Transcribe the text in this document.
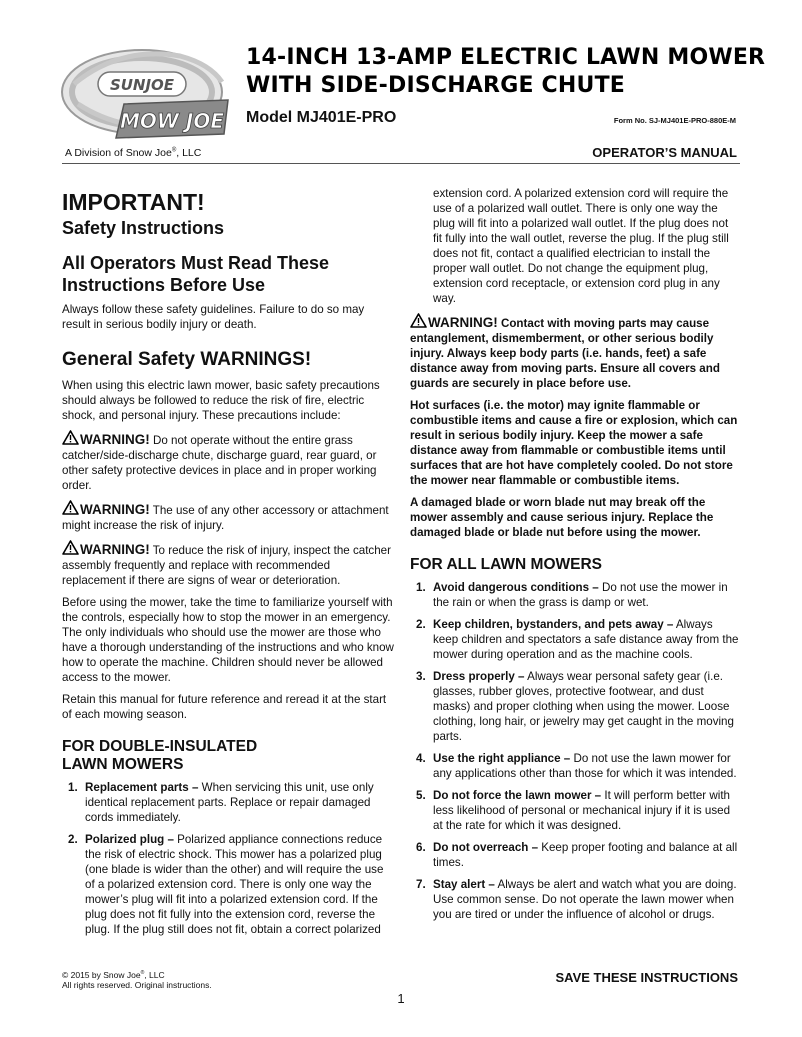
SUNJOE
MOW JOE
14-INCH 13-AMP ELECTRIC LAWN MOWER
WITH SIDE-DISCHARGE CHUTE
Model MJ401E-PRO	Form No. SJ-MJ401E-PRO-880E-M
A Division of Snow Joe®, LLC	OPERATOR’S MANUAL
IMPORTANT!
Safety Instructions
All Operators Must Read These Instructions Before Use

Always follow these safety guidelines. Failure to do so may result in serious bodily injury or death.

General Safety WARNINGS!

When using this electric lawn mower, basic safety precautions should always be followed to reduce the risk of fire, electric shock, and personal injury. These precautions include:

WARNING! Do not operate without the entire grass catcher/side-discharge chute, discharge guard, rear guard, or other safety protective devices in place and in proper working order.

WARNING! The use of any other accessory or attachment might increase the risk of injury.

WARNING! To reduce the risk of injury, inspect the catcher assembly frequently and replace with recommended replacement if there are signs of wear or deterioration.

Before using the mower, take the time to familiarize yourself with the controls, especially how to stop the mower in an emergency. The only individuals who should use the mower are those who have a thorough understanding of the instructions and who know how to operate the machine. Children should never be allowed access to the mower.

Retain this manual for future reference and reread it at the start of each mowing season.

FOR DOUBLE-INSULATED
LAWN MOWERS
1. Replacement parts – When servicing this unit, use only identical replacement parts. Replace or repair damaged cords immediately.
2. Polarized plug – Polarized appliance connections reduce the risk of electric shock. This mower has a polarized plug (one blade is wider than the other) and will require the use of a polarized extension cord. There is only one way the mower’s plug will fit into a polarized extension cord. If the plug does not fit fully into the extension cord, reverse the plug. If the plug still does not fit, obtain a correct polarized

extension cord. A polarized extension cord will require the use of a polarized wall outlet. There is only one way the plug will fit into a polarized wall outlet. If the plug does not fit fully into the wall outlet, reverse the plug. If the plug still does not fit, contact a qualified electrician to install the proper wall outlet. Do not change the equipment plug, extension cord receptacle, or extension cord plug in any way.

WARNING! Contact with moving parts may cause entanglement, dismemberment, or other serious bodily injury. Always keep body parts (i.e. hands, feet) a safe distance away from moving parts. Ensure all covers and guards are securely in place before use.

Hot surfaces (i.e. the motor) may ignite flammable or combustible items and cause a fire or explosion, which can result in serious bodily injury. Keep the mower a safe distance away from flammable or combustible items until surfaces that are hot have completely cooled. Do not store the mower near flammable or combustible items.

A damaged blade or worn blade nut may break off the mower assembly and cause serious injury. Replace the damaged blade or blade nut before using the mower.

FOR ALL LAWN MOWERS
1. Avoid dangerous conditions – Do not use the mower in the rain or when the grass is damp or wet.
2. Keep children, bystanders, and pets away – Always keep children and spectators a safe distance away from the mower during operation and as the machine cools.
3. Dress properly – Always wear personal safety gear (i.e. glasses, rubber gloves, protective footwear, and dust masks) and proper clothing when using the mower. Loose clothing, long hair, or jewelry may get caught in the moving parts.
4. Use the right appliance – Do not use the lawn mower for any applications other than those for which it was intended.
5. Do not force the lawn mower – It will perform better with less likelihood of personal or mechanical injury if it is used at the rate for which it was designed.
6. Do not overreach – Keep proper footing and balance at all times.
7. Stay alert – Always be alert and watch what you are doing. Use common sense. Do not operate the lawn mower when you are tired or under the influence of alcohol or drugs.
© 2015 by Snow Joe®, LLC
All rights reserved. Original instructions.	SAVE THESE INSTRUCTIONS
1
